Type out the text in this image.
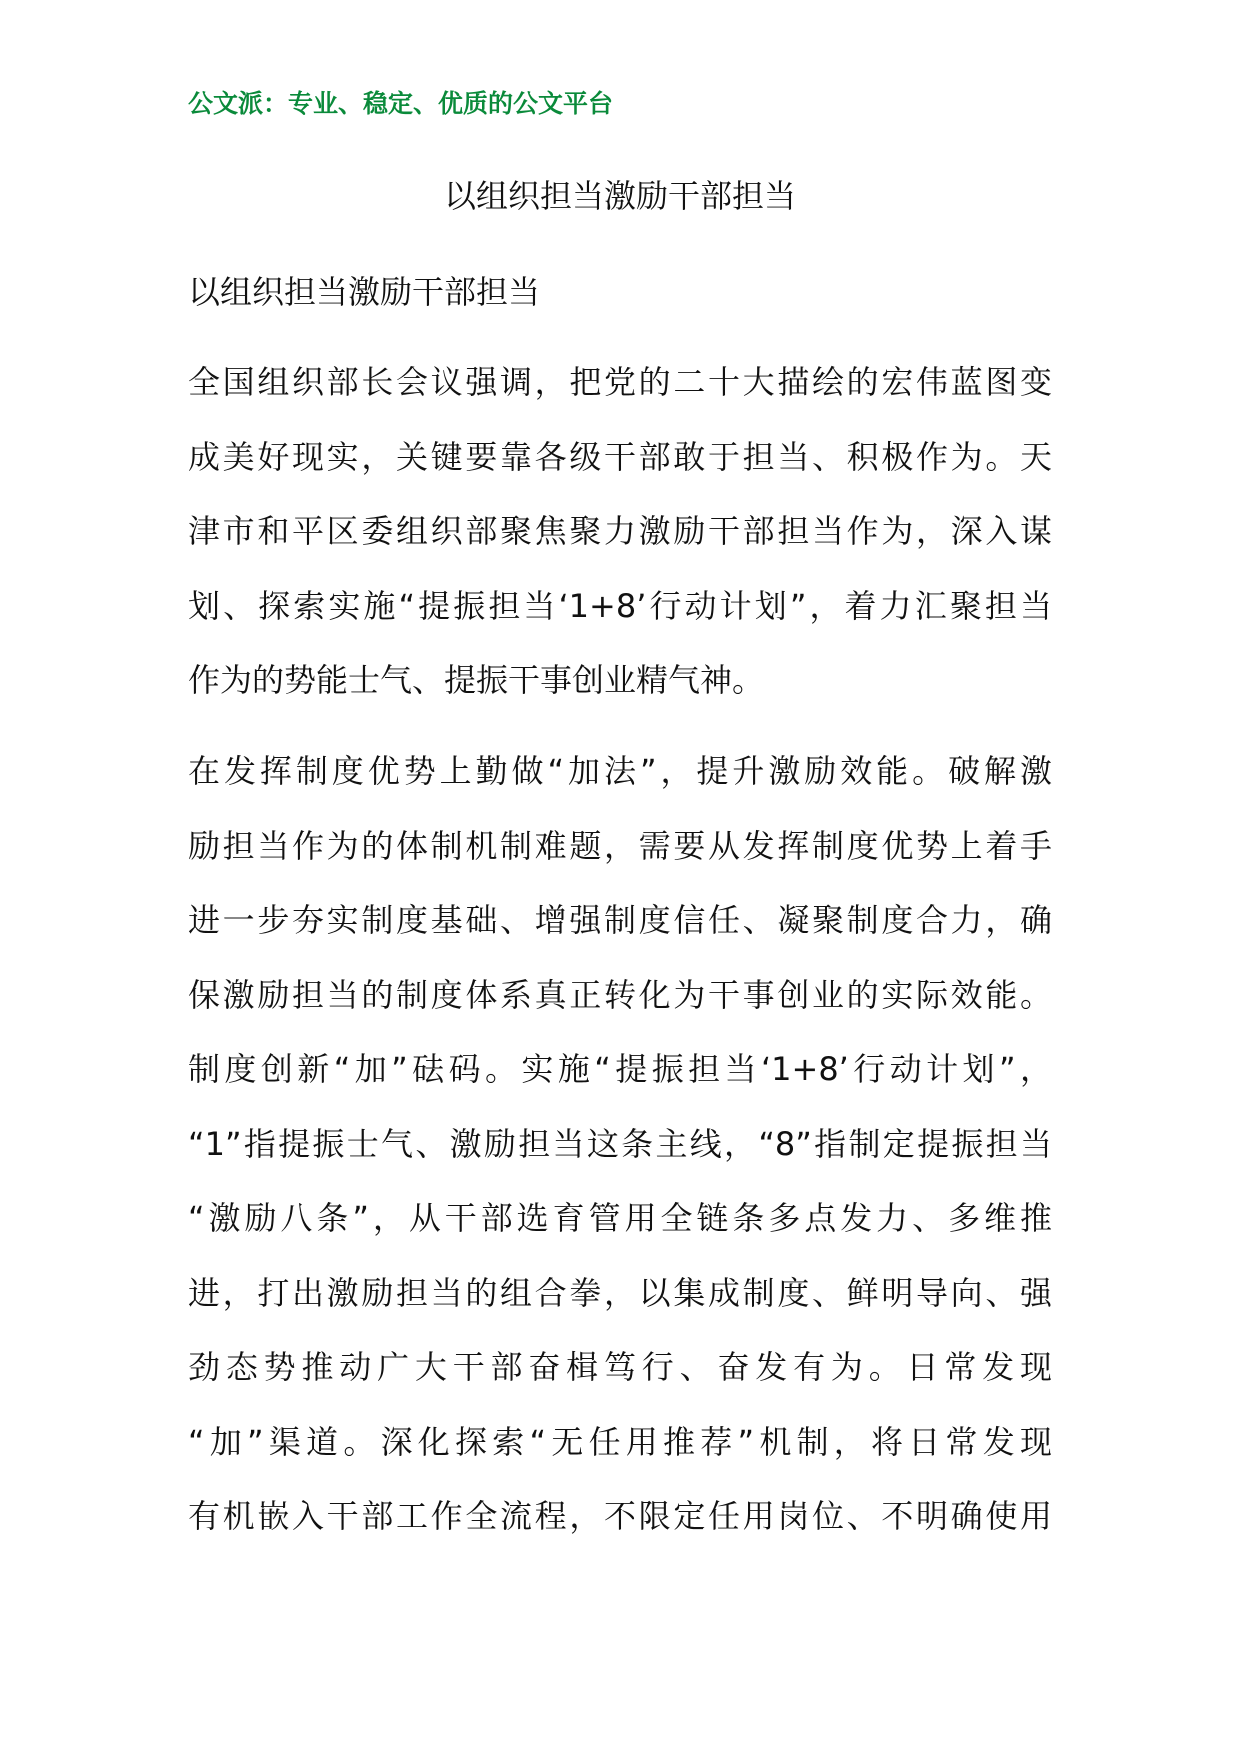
公文派：专业、稳定、优质的公文平台
以组织担当激励干部担当
以组织担当激励干部担当
全国组织部长会议强调，把党的二十大描绘的宏伟蓝图变
成美好现实，关键要靠各级干部敢于担当、积极作为。天
津市和平区委组织部聚焦聚力激励干部担当作为，深入谋
划、探索实施“提振担当‘1+8’行动计划”，着力汇聚担当
作为的势能士气、提振干事创业精气神。
在发挥制度优势上勤做“加法”，提升激励效能。破解激
励担当作为的体制机制难题，需要从发挥制度优势上着手
进一步夯实制度基础、增强制度信任、凝聚制度合力，确
保激励担当的制度体系真正转化为干事创业的实际效能。
制度创新“加”砝码。实施“提振担当‘1+8’行动计划”，
“1”指提振士气、激励担当这条主线，“8”指制定提振担当
“激励八条”，从干部选育管用全链条多点发力、多维推
进，打出激励担当的组合拳，以集成制度、鲜明导向、强
劲态势推动广大干部奋楫笃行、奋发有为。日常发现
“加”渠道。深化探索“无任用推荐”机制，将日常发现
有机嵌入干部工作全流程，不限定任用岗位、不明确使用
